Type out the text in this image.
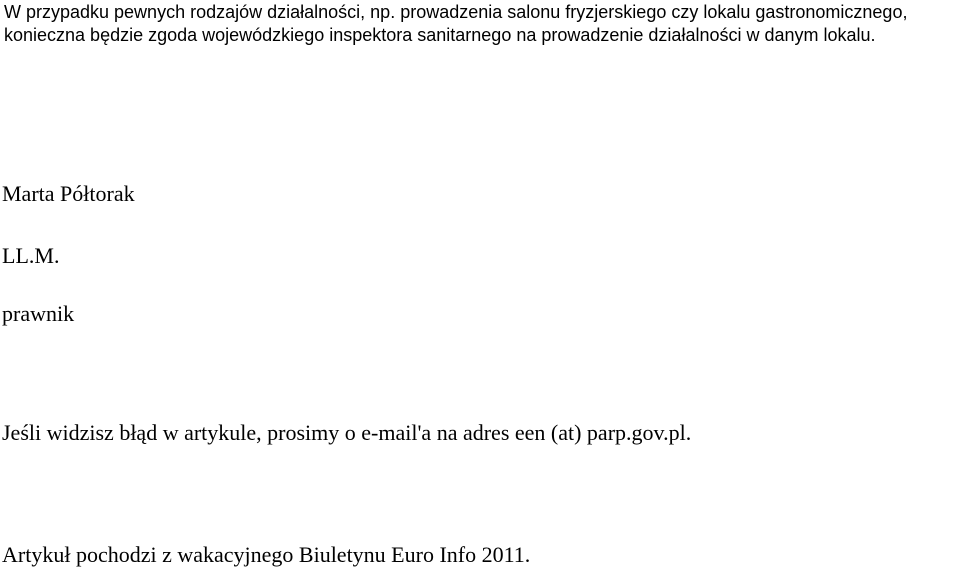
W przypadku pewnych rodzajów działalności, np. prowadzenia salonu fryzjerskiego czy lokalu gastronomicznego, konieczna będzie zgoda wojewódzkiego inspektora sanitarnego na prowadzenie działalności w danym lokalu.

Marta Półtorak

LL.M.

prawnik

Jeśli widzisz błąd w artykule, prosimy o e-mail'a na adres een (at) parp.gov.pl.

Artykuł pochodzi z wakacyjnego Biuletynu Euro Info 2011.
